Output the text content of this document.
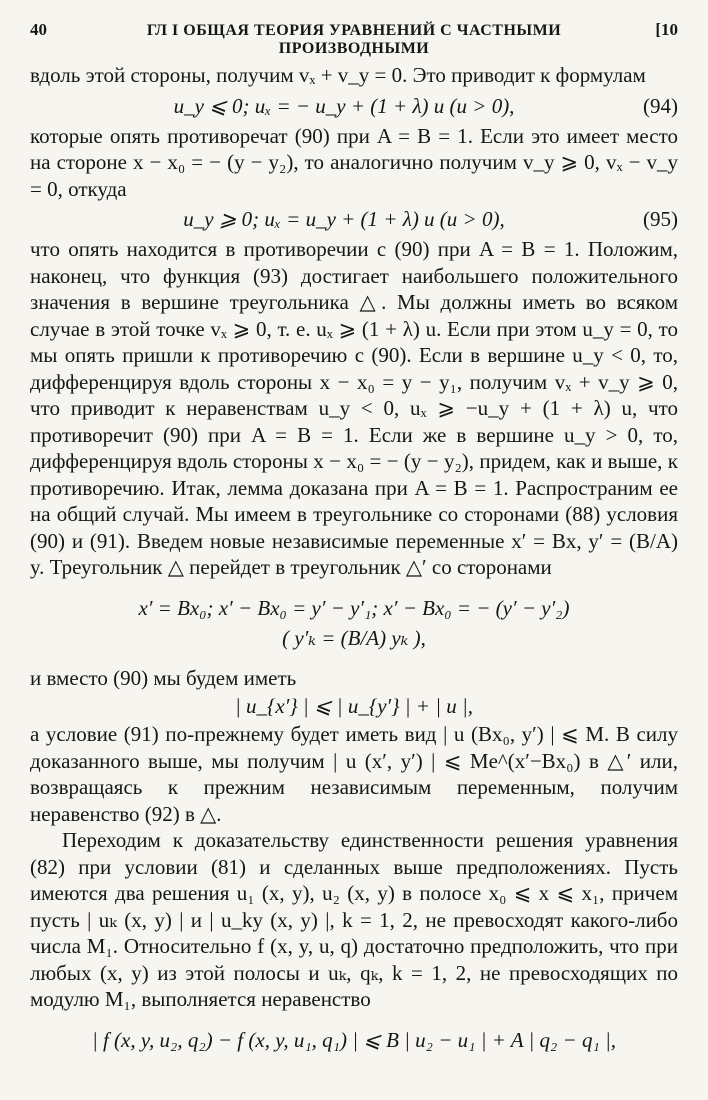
40	ГЛ I ОБЩАЯ ТЕОРИЯ УРАВНЕНИЙ С ЧАСТНЫМИ ПРОИЗВОДНЫМИ
[10

вдоль этой стороны, получим vₓ + v_y = 0. Это приводит к формулам

u_y ⩽ 0; uₓ = − u_y + (1 + λ) u (u > 0),	(94)

которые опять противоречат (90) при A = B = 1. Если это имеет место на стороне x − x₀ = − (y − y₂), то аналогично получим v_y ⩾ 0, vₓ − v_y = 0, откуда

u_y ⩾ 0; uₓ = u_y + (1 + λ) u (u > 0),	(95)

что опять находится в противоречии с (90) при A = B = 1. Положим, наконец, что функция (93) достигает наибольшего положительного значения в вершине треугольника △. Мы должны иметь во всяком случае в этой точке vₓ ⩾ 0, т. е. uₓ ⩾ (1 + λ) u. Если при этом u_y = 0, то мы опять пришли к противоречию с (90). Если в вершине u_y < 0, то, дифференцируя вдоль стороны x − x₀ = y − y₁, получим vₓ + v_y ⩾ 0, что приводит к неравенствам u_y < 0, uₓ ⩾ −u_y + (1 + λ) u, что противоречит (90) при A = B = 1. Если же в вершине u_y > 0, то, дифференцируя вдоль стороны x − x₀ = − (y − y₂), придем, как и выше, к противоречию. Итак, лемма доказана при A = B = 1. Распространим ее на общий случай. Мы имеем в треугольнике со сторонами (88) условия (90) и (91). Введем новые независимые переменные x′ = Bx, y′ = (B/A) y. Треугольник △ перейдет в треугольник △′ со сторонами

x′ = Bx₀; x′ − Bx₀ = y′ − y′₁; x′ − Bx₀ = − (y′ − y′₂)
( y′ₖ = (B/A) yₖ ),

и вместо (90) мы будем иметь

| u_{x′} | ⩽ | u_{y′} | + | u |,

а условие (91) по-прежнему будет иметь вид | u (Bx₀, y′) | ⩽ M. В силу доказанного выше, мы получим | u (x′, y′) | ⩽ Me^(x′−Bx₀) в △′ или, возвращаясь к прежним независимым переменным, получим неравенство (92) в △.

Переходим к доказательству единственности решения уравнения (82) при условии (81) и сделанных выше предположениях. Пусть имеются два решения u₁ (x, y), u₂ (x, y) в полосе x₀ ⩽ x ⩽ x₁, причем пусть | uₖ (x, y) | и | u_ky (x, y) |, k = 1, 2, не превосходят какого-либо числа M₁. Относительно f (x, y, u, q) достаточно предположить, что при любых (x, y) из этой полосы и uₖ, qₖ, k = 1, 2, не превосходящих по модулю M₁, выполняется неравенство

| f (x, y, u₂, q₂) − f (x, y, u₁, q₁) | ⩽ B | u₂ − u₁ | + A | q₂ − q₁ |,
